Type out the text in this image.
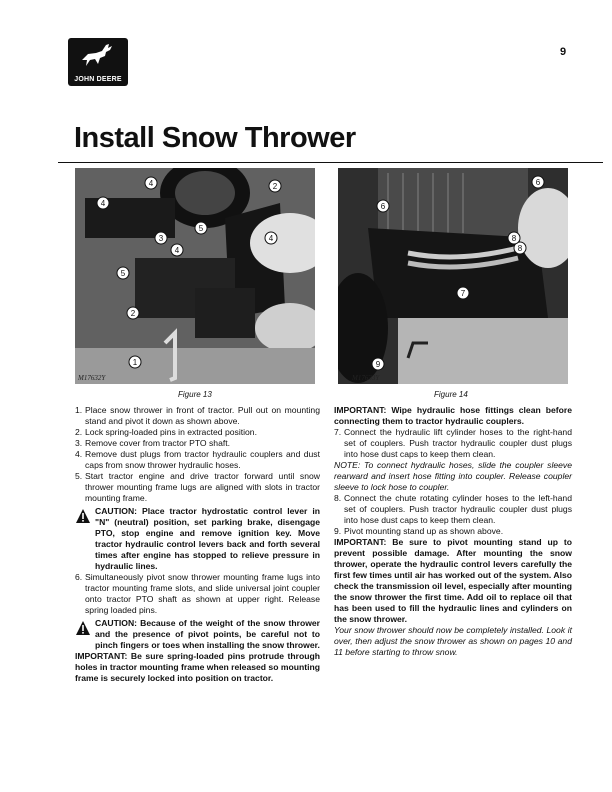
JOHN DEERE
9
Install Snow Thrower
4
4
3
4
5
2
4
5
2
1
M17632Y
Figure 13
6
6
8
8
7
9
M17633Y
Figure 14
1. Place snow thrower in front of tractor. Pull out on mounting stand and pivot it down as shown above.
2. Lock spring-loaded pins in extracted position.
3. Remove cover from tractor PTO shaft.
4. Remove dust plugs from tractor hydraulic couplers and dust caps from snow thrower hydraulic hoses.
5. Start tractor engine and drive tractor forward until snow thrower mounting frame lugs are aligned with slots in tractor mounting frame.
CAUTION: Place tractor hydrostatic control lever in "N" (neutral) position, set parking brake, disengage PTO, stop engine and remove ignition key. Move tractor hydraulic control levers back and forth several times after engine has stopped to relieve pressure in hydraulic lines.
6. Simultaneously pivot snow thrower mounting frame lugs into tractor mounting frame slots, and slide universal joint coupler onto tractor PTO shaft as shown at upper right. Release spring loaded pins.
CAUTION: Because of the weight of the snow thrower and the presence of pivot points, be careful not to pinch fingers or toes when installing the snow thrower.

IMPORTANT: Be sure spring-loaded pins protrude through holes in tractor mounting frame when released so mounting frame is securely locked into position on tractor.

IMPORTANT: Wipe hydraulic hose fittings clean before connecting them to tractor hydraulic couplers.

7. Connect the hydraulic lift cylinder hoses to the right-hand set of couplers. Push tractor hydraulic coupler dust plugs into hose dust caps to keep them clean.

NOTE: To connect hydraulic hoses, slide the coupler sleeve rearward and insert hose fitting into coupler. Release coupler sleeve to lock hose to coupler.

8. Connect the chute rotating cylinder hoses to the left-hand set of couplers. Push tractor hydraulic coupler dust plugs into hose dust caps to keep them clean.
9. Pivot mounting stand up as shown above.

IMPORTANT: Be sure to pivot mounting stand up to prevent possible damage. After mounting the snow thrower, operate the hydraulic control levers carefully the first few times until air has worked out of the system. Also check the transmission oil level, especially after mounting the snow thrower the first time. Add oil to replace oil that has been used to fill the hydraulic lines and cylinders on the snow thrower.

Your snow thrower should now be completely installed. Look it over, then adjust the snow thrower as shown on pages 10 and 11 before starting to throw snow.
